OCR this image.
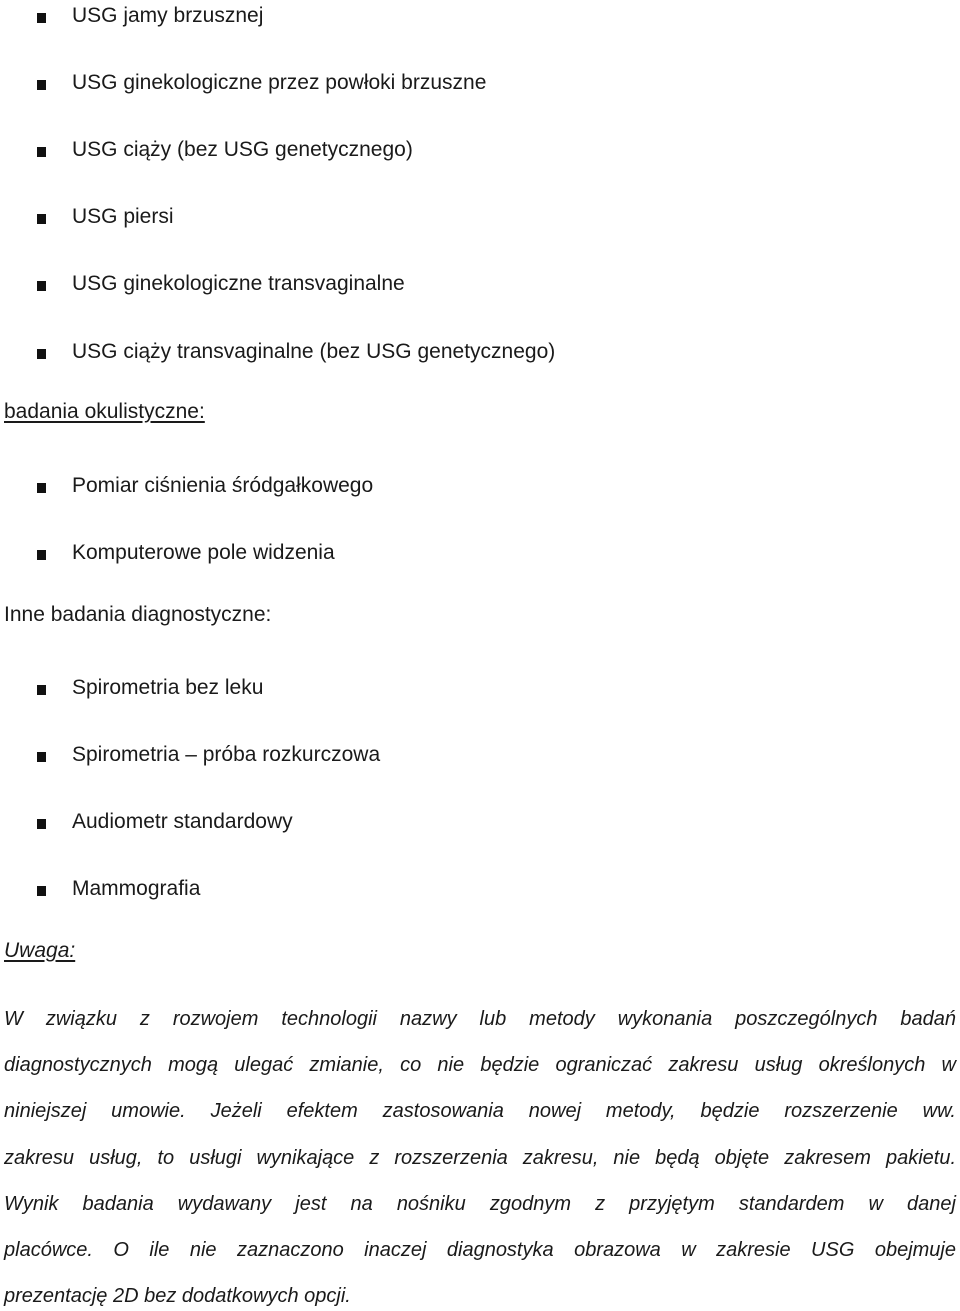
USG jamy brzusznej
USG ginekologiczne przez powłoki brzuszne
USG ciąży (bez USG genetycznego)
USG piersi
USG ginekologiczne transvaginalne
USG ciąży transvaginalne (bez USG genetycznego)
badania okulistyczne:
Pomiar ciśnienia śródgałkowego
Komputerowe pole widzenia
Inne badania diagnostyczne:
Spirometria bez leku
Spirometria – próba rozkurczowa
Audiometr standardowy
Mammografia
Uwaga:
W związku z rozwojem technologii nazwy lub metody wykonania poszczególnych badań
diagnostycznych mogą ulegać zmianie, co nie będzie ograniczać zakresu usług określonych w
niniejszej umowie. Jeżeli efektem zastosowania nowej metody, będzie rozszerzenie ww.
zakresu usług, to usługi wynikające z rozszerzenia zakresu, nie będą objęte zakresem pakietu.
Wynik badania wydawany jest na nośniku zgodnym z przyjętym standardem w danej
placówce. O ile nie zaznaczono inaczej diagnostyka obrazowa w zakresie USG obejmuje
prezentację 2D bez dodatkowych opcji.
